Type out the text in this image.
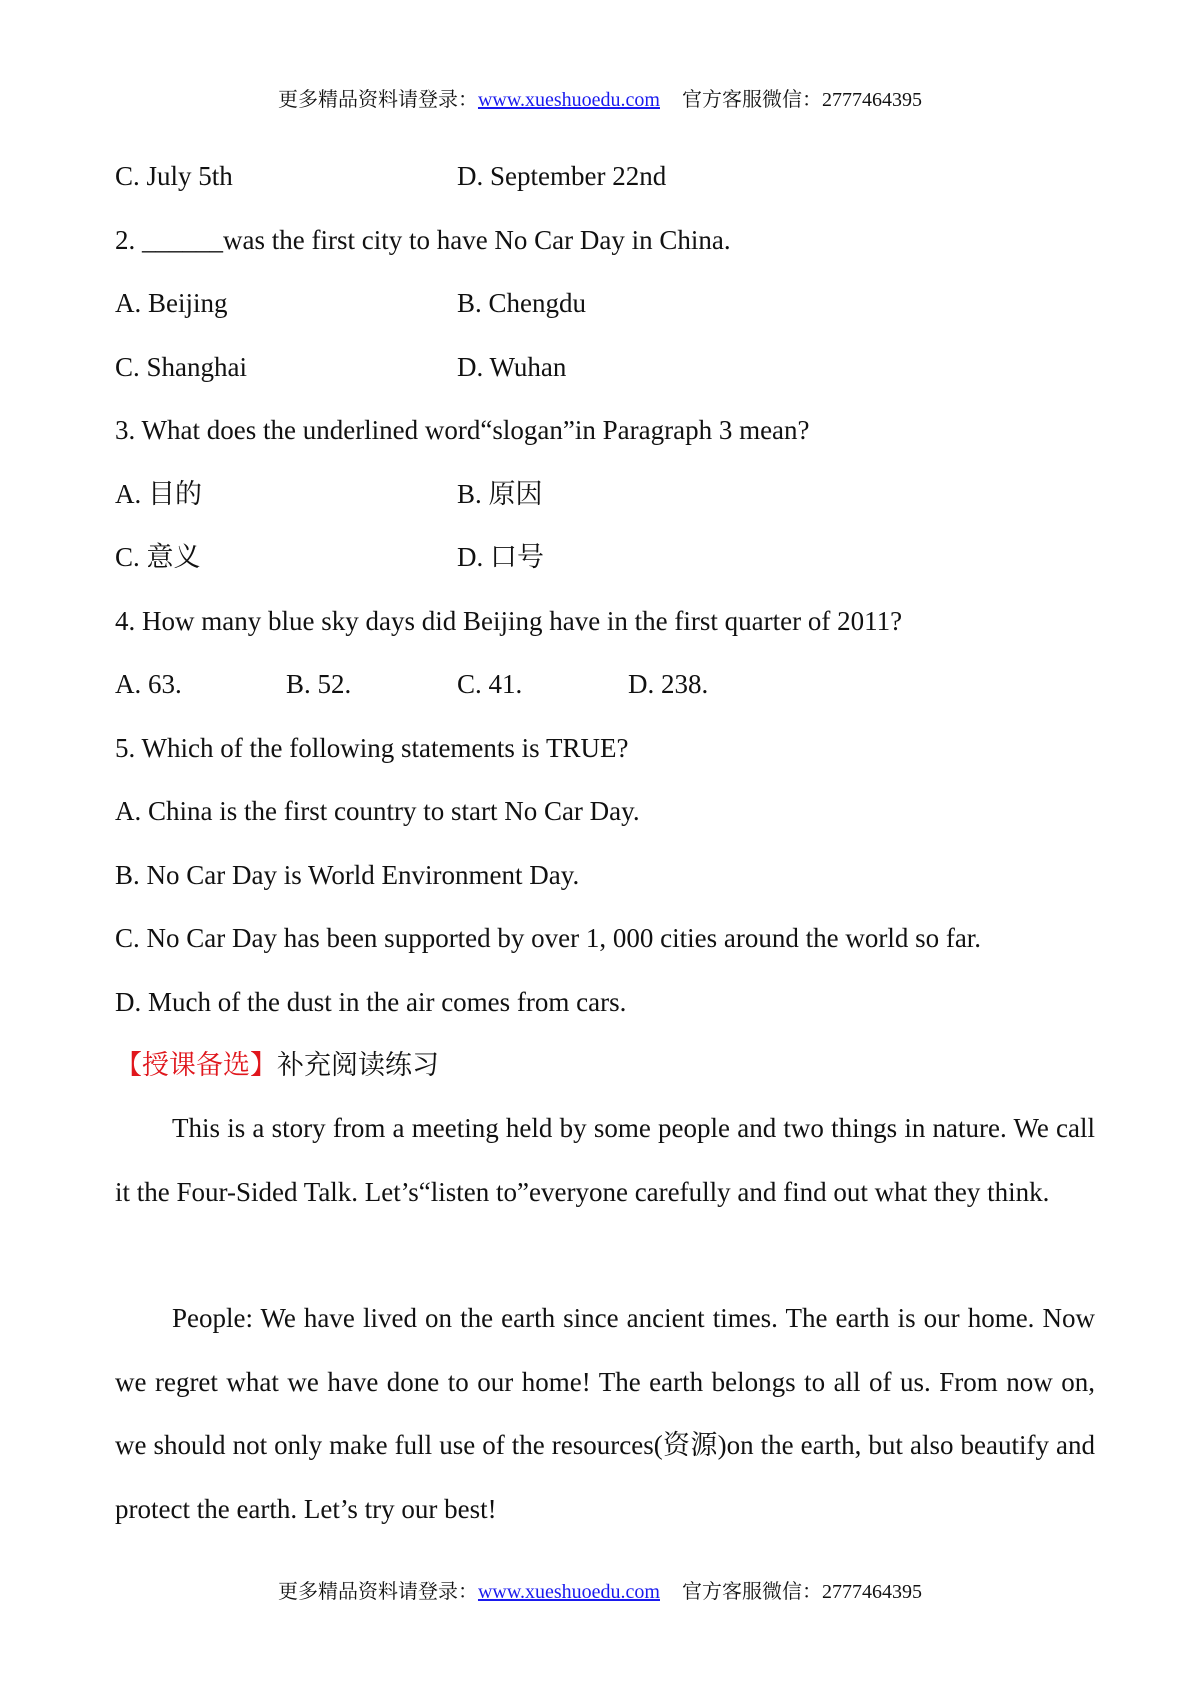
更多精品资料请登录：www.xueshuoedu.com 官方客服微信：2777464395
C. July 5th	D. September 22nd
2. ______was the first city to have No Car Day in China.
A. Beijing	B. Chengdu
C. Shanghai	D. Wuhan
3. What does the underlined word“slogan”in Paragraph 3 mean?
A. 目的	B. 原因
C. 意义	D. 口号
4. How many blue sky days did Beijing have in the first quarter of 2011?
A. 63.	B. 52.	C. 41.	D. 238.
5. Which of the following statements is TRUE?
A. China is the first country to start No Car Day.
B. No Car Day is World Environment Day.
C. No Car Day has been supported by over 1, 000 cities around the world so far.
D. Much of the dust in the air comes from cars.
【授课备选】补充阅读练习
This is a story from a meeting held by some people and two things in nature. We call it the Four-Sided Talk. Let’s“listen to”everyone carefully and find out what they think.
People: We have lived on the earth since ancient times. The earth is our home. Now we regret what we have done to our home! The earth belongs to all of us. From now on, we should not only make full use of the resources(资源)on the earth, but also beautify and protect the earth. Let’s try our best!
更多精品资料请登录：www.xueshuoedu.com 官方客服微信：2777464395
